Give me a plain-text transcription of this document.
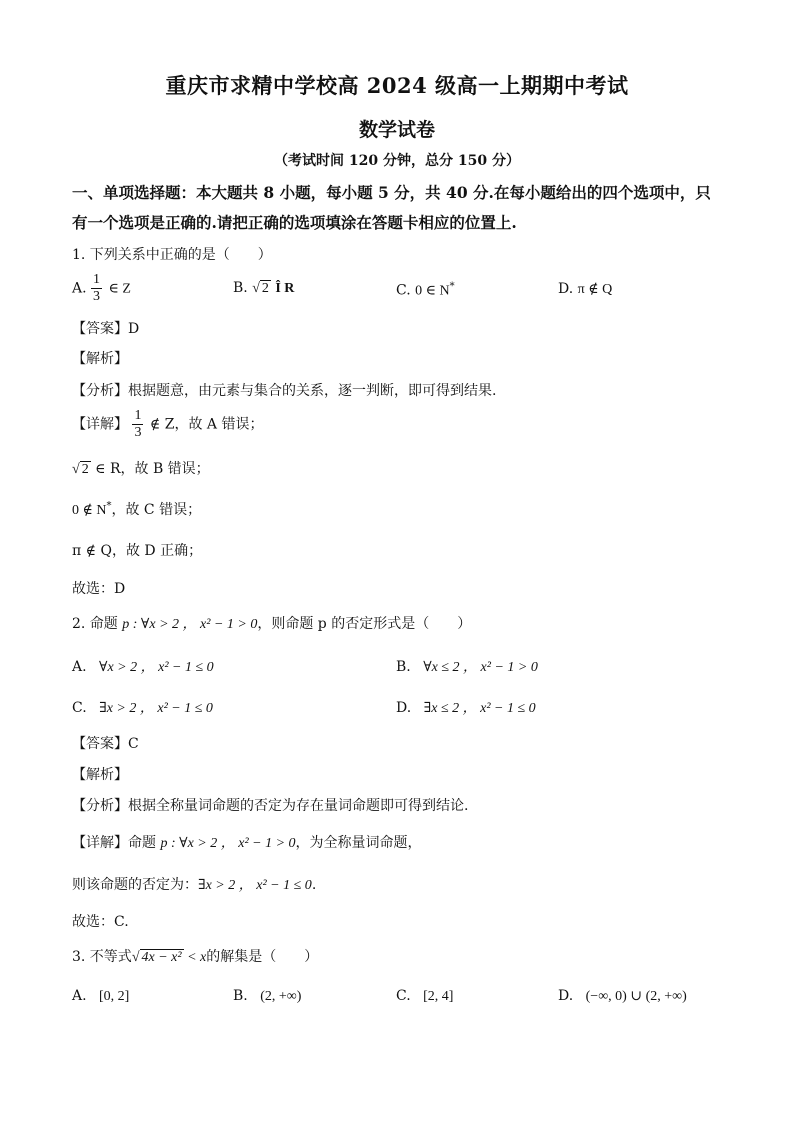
重庆市求精中学校高 2024 级高一上期期中考试
数学试卷
（考试时间 120 分钟，总分 150 分）
一、单项选择题：本大题共 8 小题，每小题 5 分，共 40 分.在每小题给出的四个选项中，只
有一个选项是正确的.请把正确的选项填涂在答题卡相应的位置上.
1. 下列关系中正确的是（　　）
A. $\frac{1}{3}$ ∈ Z	B. √ 2 Î R	C. 0 ∈ N*	D. π ∉ Q
【答案】D
【解析】
【分析】根据题意，由元素与集合的关系，逐一判断，即可得到结果.
【详解】 $\frac{1}{3}$ ∉ Z，故 A 错误；
√ 2 ∈ R，故 B 错误；
0 ∉ N*，故 C 错误；
π ∉ Q，故 D 正确；
故选：D
2. 命题 p : ∀x > 2 ， x² − 1 > 0，则命题 p 的否定形式是（　　）
A. ∀x > 2 ， x² − 1 ≤ 0	B. ∀x ≤ 2 ， x² − 1 > 0
C. ∃x > 2 ， x² − 1 ≤ 0	D. ∃x ≤ 2 ， x² − 1 ≤ 0
【答案】C
【解析】
【分析】根据全称量词命题的否定为存在量词命题即可得到结论.
【详解】命题 p : ∀x > 2 ， x² − 1 > 0，为全称量词命题，
则该命题的否定为：∃x > 2 ， x² − 1 ≤ 0.
故选：C.
3. 不等式√ 4x − x² < x的解集是（　　）
A. [0, 2]	B. (2, +∞)	C. [2, 4]	D. (−∞, 0) ∪ (2, +∞)
